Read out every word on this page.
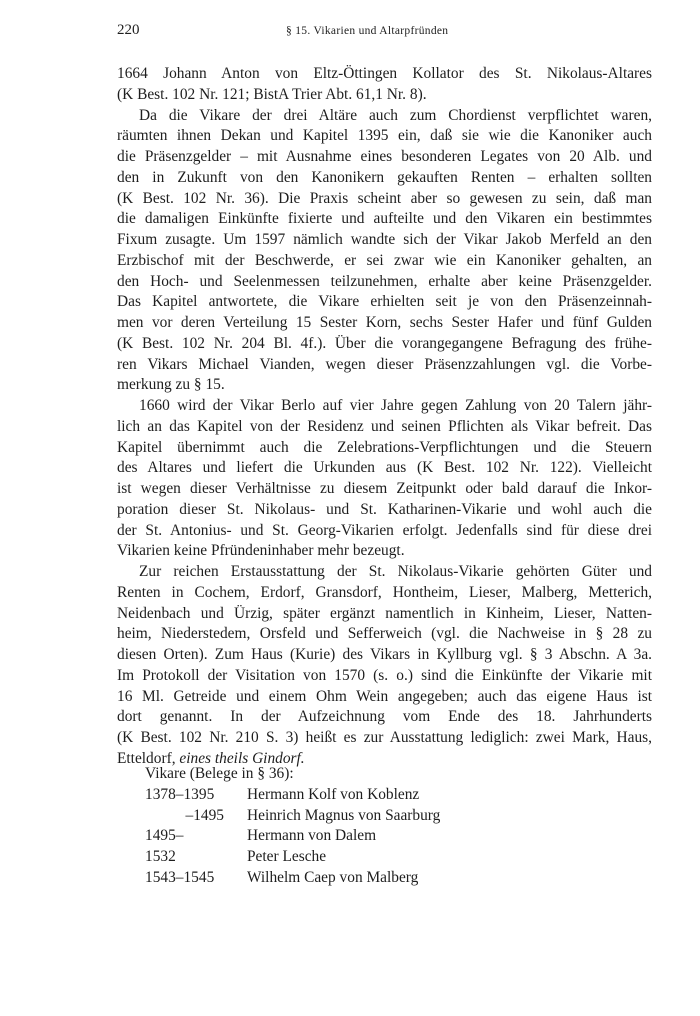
220	§ 15. Vikarien und Altarpfründen
1664 Johann Anton von Eltz-Öttingen Kollator des St. Nikolaus-Altares
(K Best. 102 Nr. 121; BistA Trier Abt. 61,1 Nr. 8).
Da die Vikare der drei Altäre auch zum Chordienst verpflichtet waren,
räumten ihnen Dekan und Kapitel 1395 ein, daß sie wie die Kanoniker auch
die Präsenzgelder – mit Ausnahme eines besonderen Legates von 20 Alb. und
den in Zukunft von den Kanonikern gekauften Renten – erhalten sollten
(K Best. 102 Nr. 36). Die Praxis scheint aber so gewesen zu sein, daß man
die damaligen Einkünfte fixierte und aufteilte und den Vikaren ein bestimmtes
Fixum zusagte. Um 1597 nämlich wandte sich der Vikar Jakob Merfeld an den
Erzbischof mit der Beschwerde, er sei zwar wie ein Kanoniker gehalten, an
den Hoch- und Seelenmessen teilzunehmen, erhalte aber keine Präsenzgelder.
Das Kapitel antwortete, die Vikare erhielten seit je von den Präsenzeinnah-
men vor deren Verteilung 15 Sester Korn, sechs Sester Hafer und fünf Gulden
(K Best. 102 Nr. 204 Bl. 4f.). Über die vorangegangene Befragung des frühe-
ren Vikars Michael Vianden, wegen dieser Präsenzzahlungen vgl. die Vorbe-
merkung zu § 15.
1660 wird der Vikar Berlo auf vier Jahre gegen Zahlung von 20 Talern jähr-
lich an das Kapitel von der Residenz und seinen Pflichten als Vikar befreit. Das
Kapitel übernimmt auch die Zelebrations-Verpflichtungen und die Steuern
des Altares und liefert die Urkunden aus (K Best. 102 Nr. 122). Vielleicht
ist wegen dieser Verhältnisse zu diesem Zeitpunkt oder bald darauf die Inkor-
poration dieser St. Nikolaus- und St. Katharinen-Vikarie und wohl auch die
der St. Antonius- und St. Georg-Vikarien erfolgt. Jedenfalls sind für diese drei
Vikarien keine Pfründeninhaber mehr bezeugt.
Zur reichen Erstausstattung der St. Nikolaus-Vikarie gehörten Güter und
Renten in Cochem, Erdorf, Gransdorf, Hontheim, Lieser, Malberg, Metterich,
Neidenbach und Ürzig, später ergänzt namentlich in Kinheim, Lieser, Natten-
heim, Niederstedem, Orsfeld und Sefferweich (vgl. die Nachweise in § 28 zu
diesen Orten). Zum Haus (Kurie) des Vikars in Kyllburg vgl. § 3 Abschn. A 3a.
Im Protokoll der Visitation von 1570 (s. o.) sind die Einkünfte der Vikarie mit
16 Ml. Getreide und einem Ohm Wein angegeben; auch das eigene Haus ist
dort genannt. In der Aufzeichnung vom Ende des 18. Jahrhunderts
(K Best. 102 Nr. 210 S. 3) heißt es zur Ausstattung lediglich: zwei Mark, Haus,
Etteldorf, eines theils Gindorf.
Vikare (Belege in § 36):
1378–1395	Hermann Kolf von Koblenz
–1495	Heinrich Magnus von Saarburg
1495–	Hermann von Dalem
1532	Peter Lesche
1543–1545	Wilhelm Caep von Malberg
